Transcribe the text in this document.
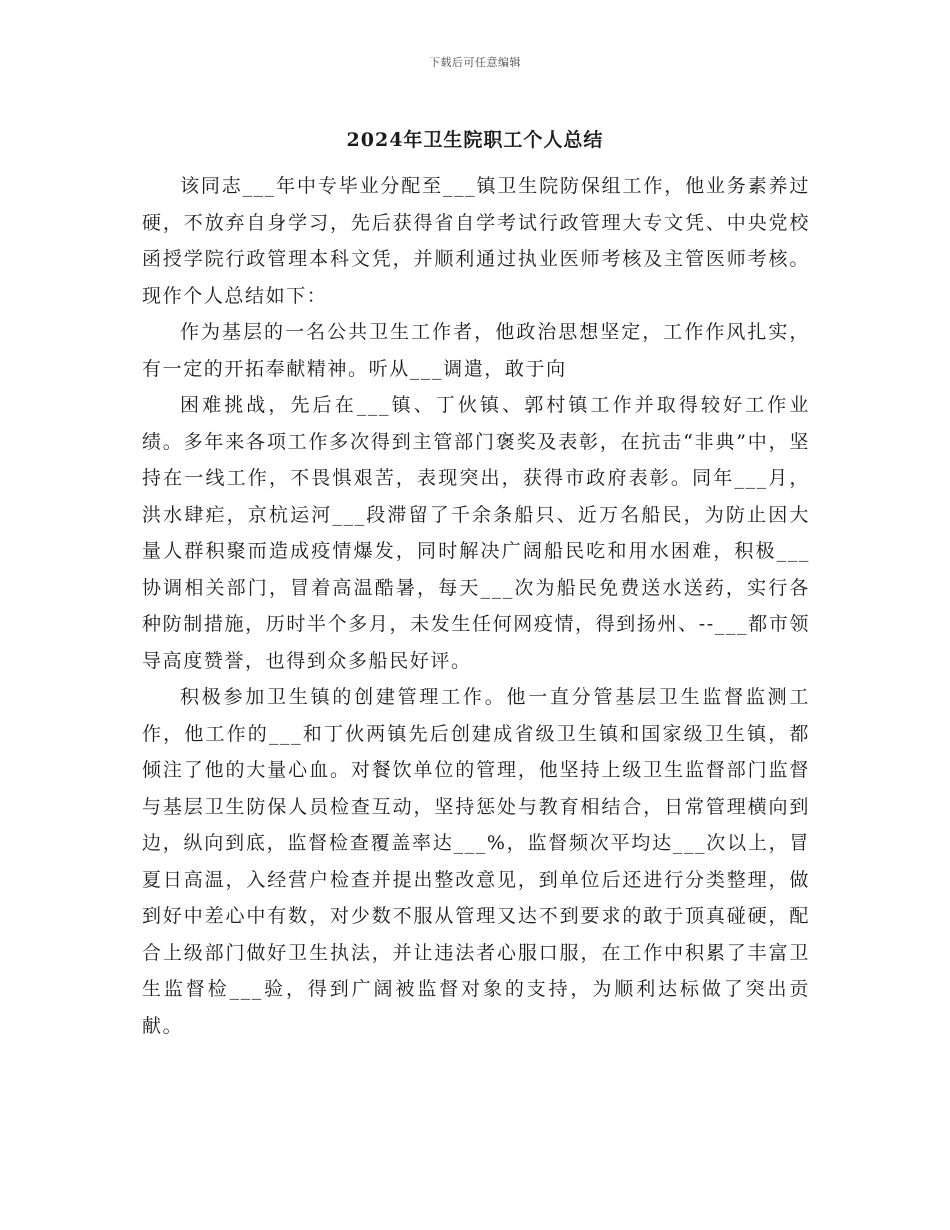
下载后可任意编辑
2024年卫生院职工个人总结

该同志___年中专毕业分配至___镇卫生院防保组工作，他业务素养过硬，不放弃自身学习，先后获得省自学考试行政管理大专文凭、中央党校函授学院行政管理本科文凭，并顺利通过执业医师考核及主管医师考核。现作个人总结如下：

作为基层的一名公共卫生工作者，他政治思想坚定，工作作风扎实，有一定的开拓奉献精神。听从___调遣，敢于向

困难挑战，先后在___镇、丁伙镇、郭村镇工作并取得较好工作业绩。多年来各项工作多次得到主管部门褒奖及表彰，在抗击“非典”中，坚持在一线工作，不畏惧艰苦，表现突出，获得市政府表彰。同年___月，洪水肆疟，京杭运河___段滞留了千余条船只、近万名船民，为防止因大量人群积聚而造成疫情爆发，同时解决广阔船民吃和用水困难，积极___协调相关部门，冒着高温酷暑，每天___次为船民免费送水送药，实行各种防制措施，历时半个多月，未发生任何网疫情，得到扬州、--___都市领导高度赞誉，也得到众多船民好评。

积极参加卫生镇的创建管理工作。他一直分管基层卫生监督监测工作，他工作的___和丁伙两镇先后创建成省级卫生镇和国家级卫生镇，都倾注了他的大量心血。对餐饮单位的管理，他坚持上级卫生监督部门监督与基层卫生防保人员检查互动，坚持惩处与教育相结合，日常管理横向到边，纵向到底，监督检查覆盖率达___%，监督频次平均达___次以上，冒夏日高温，入经营户检查并提出整改意见，到单位后还进行分类整理，做到好中差心中有数，对少数不服从管理又达不到要求的敢于顶真碰硬，配合上级部门做好卫生执法，并让违法者心服口服，在工作中积累了丰富卫生监督检___验，得到广阔被监督对象的支持，为顺利达标做了突出贡献。
